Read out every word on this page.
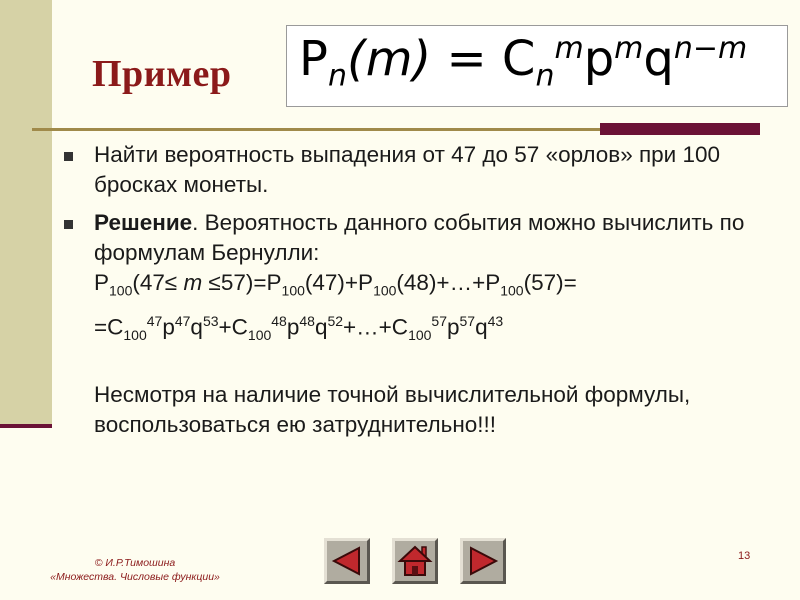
Пример $P_n(m) = C_n^mp^mq^{n-m}$
Найти вероятность выпадения от 47 до 57 «орлов» при 100 бросках монеты.
Решение. Вероятность данного события можно вычислить по формулам Бернулли:
$P_{100}(47\le m$ $\le 57)=P_{100}(47)+P_{100}(48)+\dots+P_{100}(57)=$
$=C_{100}^{47}p^{47}q^{53}+C_{100}^{48}p^{48}q^{52}+\dots+C_{100}^{57}p^{57}q^{43}$
Несмотря на наличие точной вычислительной формулы, воспользоваться ею затруднительно!!!
© И.Р.Тимошина
«Множества. Числовые функции»
13
